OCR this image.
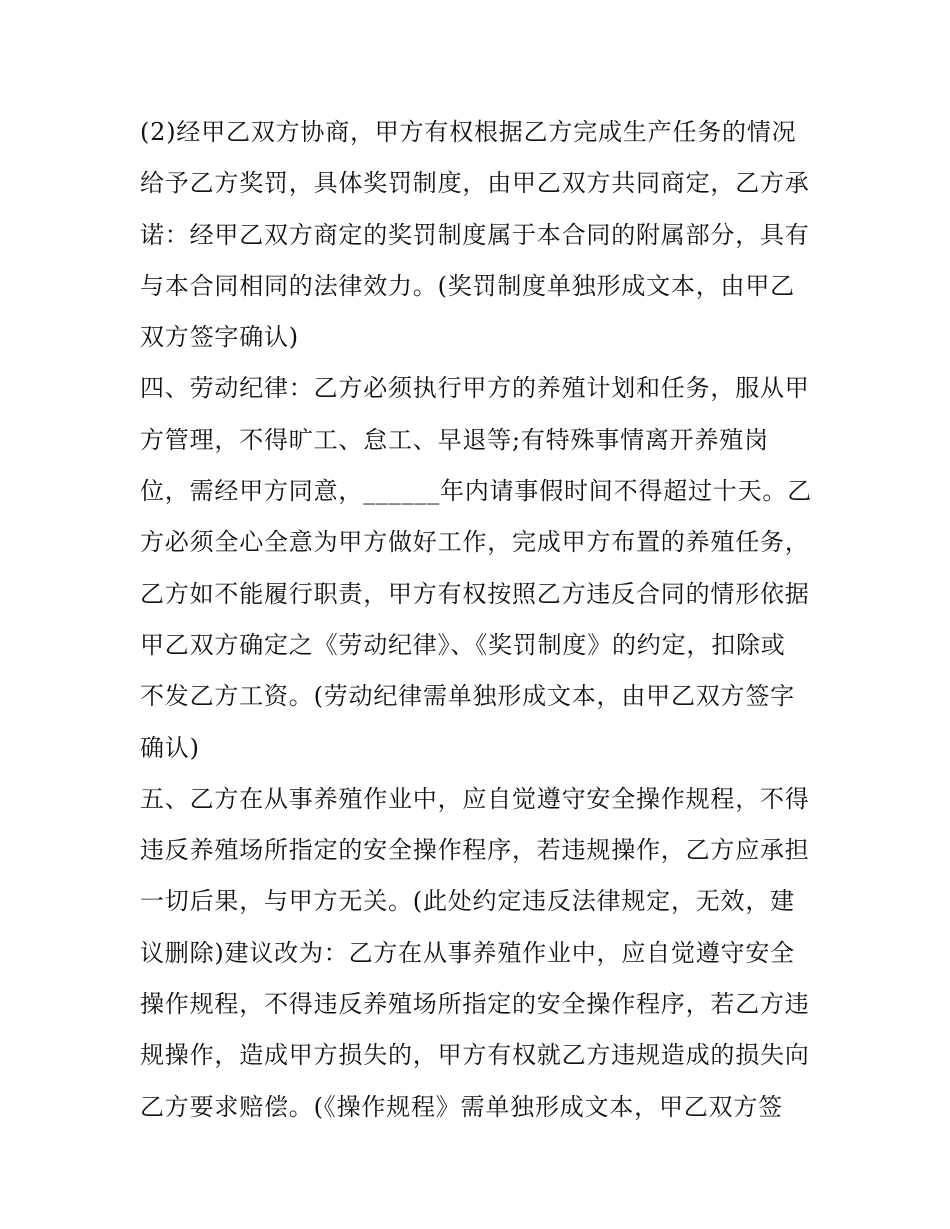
(2)经甲乙双方协商，甲方有权根据乙方完成生产任务的情况
给予乙方奖罚，具体奖罚制度，由甲乙双方共同商定，乙方承
诺：经甲乙双方商定的奖罚制度属于本合同的附属部分，具有
与本合同相同的法律效力。(奖罚制度单独形成文本，由甲乙
双方签字确认)
四、劳动纪律：乙方必须执行甲方的养殖计划和任务，服从甲
方管理，不得旷工、怠工、早退等;有特殊事情离开养殖岗
位，需经甲方同意，______年内请事假时间不得超过十天。乙
方必须全心全意为甲方做好工作，完成甲方布置的养殖任务，
乙方如不能履行职责，甲方有权按照乙方违反合同的情形依据
甲乙双方确定之《劳动纪律》、《奖罚制度》的约定，扣除或
不发乙方工资。(劳动纪律需单独形成文本，由甲乙双方签字
确认)
五、乙方在从事养殖作业中，应自觉遵守安全操作规程，不得
违反养殖场所指定的安全操作程序，若违规操作，乙方应承担
一切后果，与甲方无关。(此处约定违反法律规定，无效，建
议删除)建议改为：乙方在从事养殖作业中，应自觉遵守安全
操作规程，不得违反养殖场所指定的安全操作程序，若乙方违
规操作，造成甲方损失的，甲方有权就乙方违规造成的损失向
乙方要求赔偿。(《操作规程》需单独形成文本，甲乙双方签
